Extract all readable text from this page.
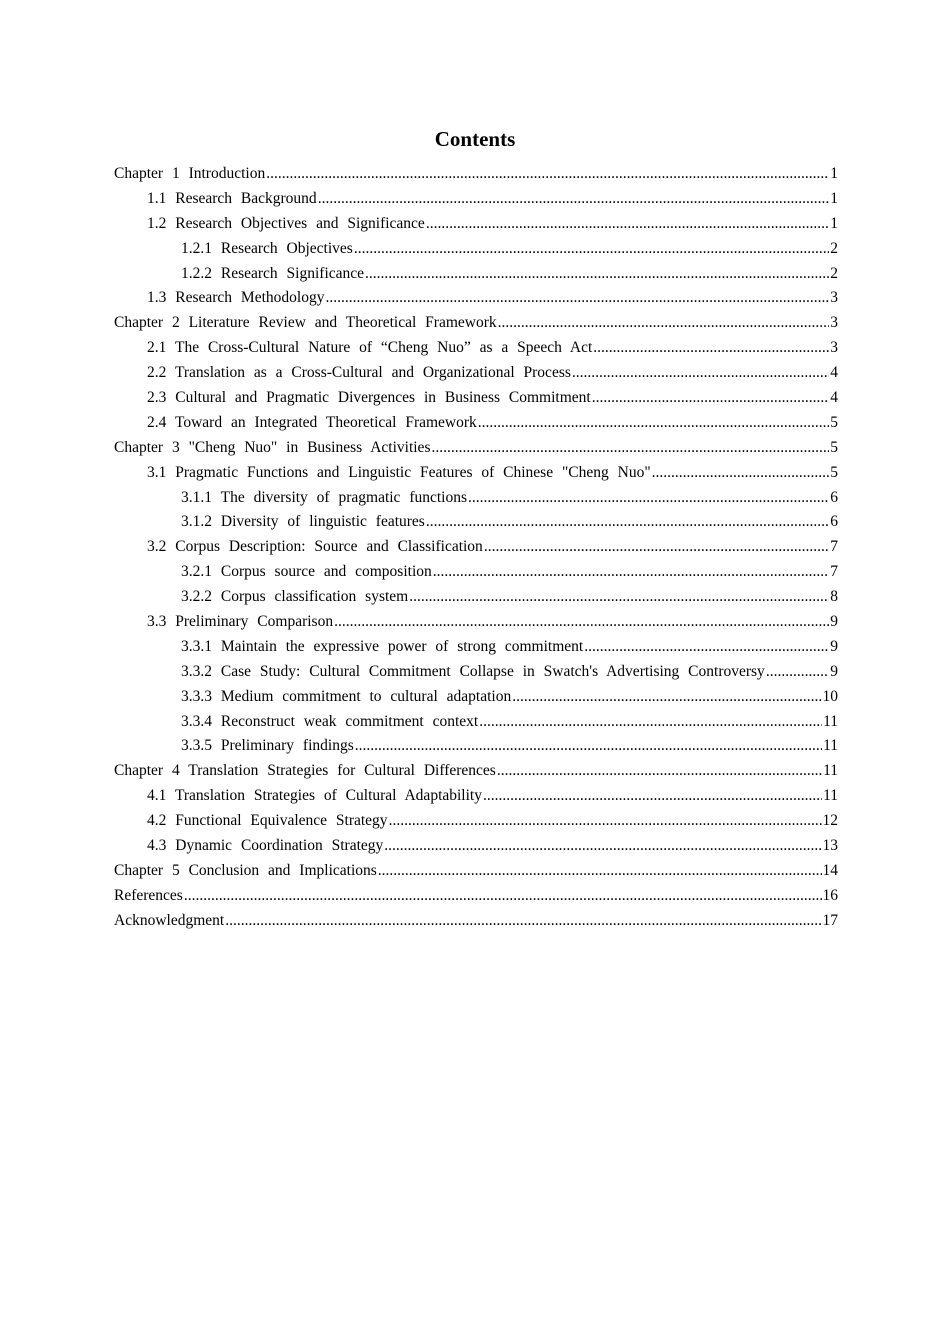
Contents
Chapter 1 Introduction .....	1
1.1 Research Background .....	1
1.2 Research Objectives and Significance .....	1
1.2.1 Research Objectives .....	2
1.2.2 Research Significance .....	2
1.3 Research Methodology .....	3
Chapter 2 Literature Review and Theoretical Framework .....	3
2.1 The Cross-Cultural Nature of “Cheng Nuo” as a Speech Act .....	3
2.2 Translation as a Cross-Cultural and Organizational Process .....	4
2.3 Cultural and Pragmatic Divergences in Business Commitment .....	4
2.4 Toward an Integrated Theoretical Framework .....	5
Chapter 3 "Cheng Nuo" in Business Activities .....	5
3.1 Pragmatic Functions and Linguistic Features of Chinese "Cheng Nuo" .....	5
3.1.1 The diversity of pragmatic functions .....	6
3.1.2 Diversity of linguistic features .....	6
3.2 Corpus Description: Source and Classification .....	7
3.2.1 Corpus source and composition .....	7
3.2.2 Corpus classification system .....	8
3.3 Preliminary Comparison .....	9
3.3.1 Maintain the expressive power of strong commitment .....	9
3.3.2 Case Study: Cultural Commitment Collapse in Swatch's Advertising Controversy .....	9
3.3.3 Medium commitment to cultural adaptation .....	10
3.3.4 Reconstruct weak commitment context .....	11
3.3.5 Preliminary findings .....	11
Chapter 4 Translation Strategies for Cultural Differences .....	11
4.1 Translation Strategies of Cultural Adaptability .....	11
4.2 Functional Equivalence Strategy .....	12
4.3 Dynamic Coordination Strategy .....	13
Chapter 5 Conclusion and Implications .....	14
References .....	16
Acknowledgment .....	17
